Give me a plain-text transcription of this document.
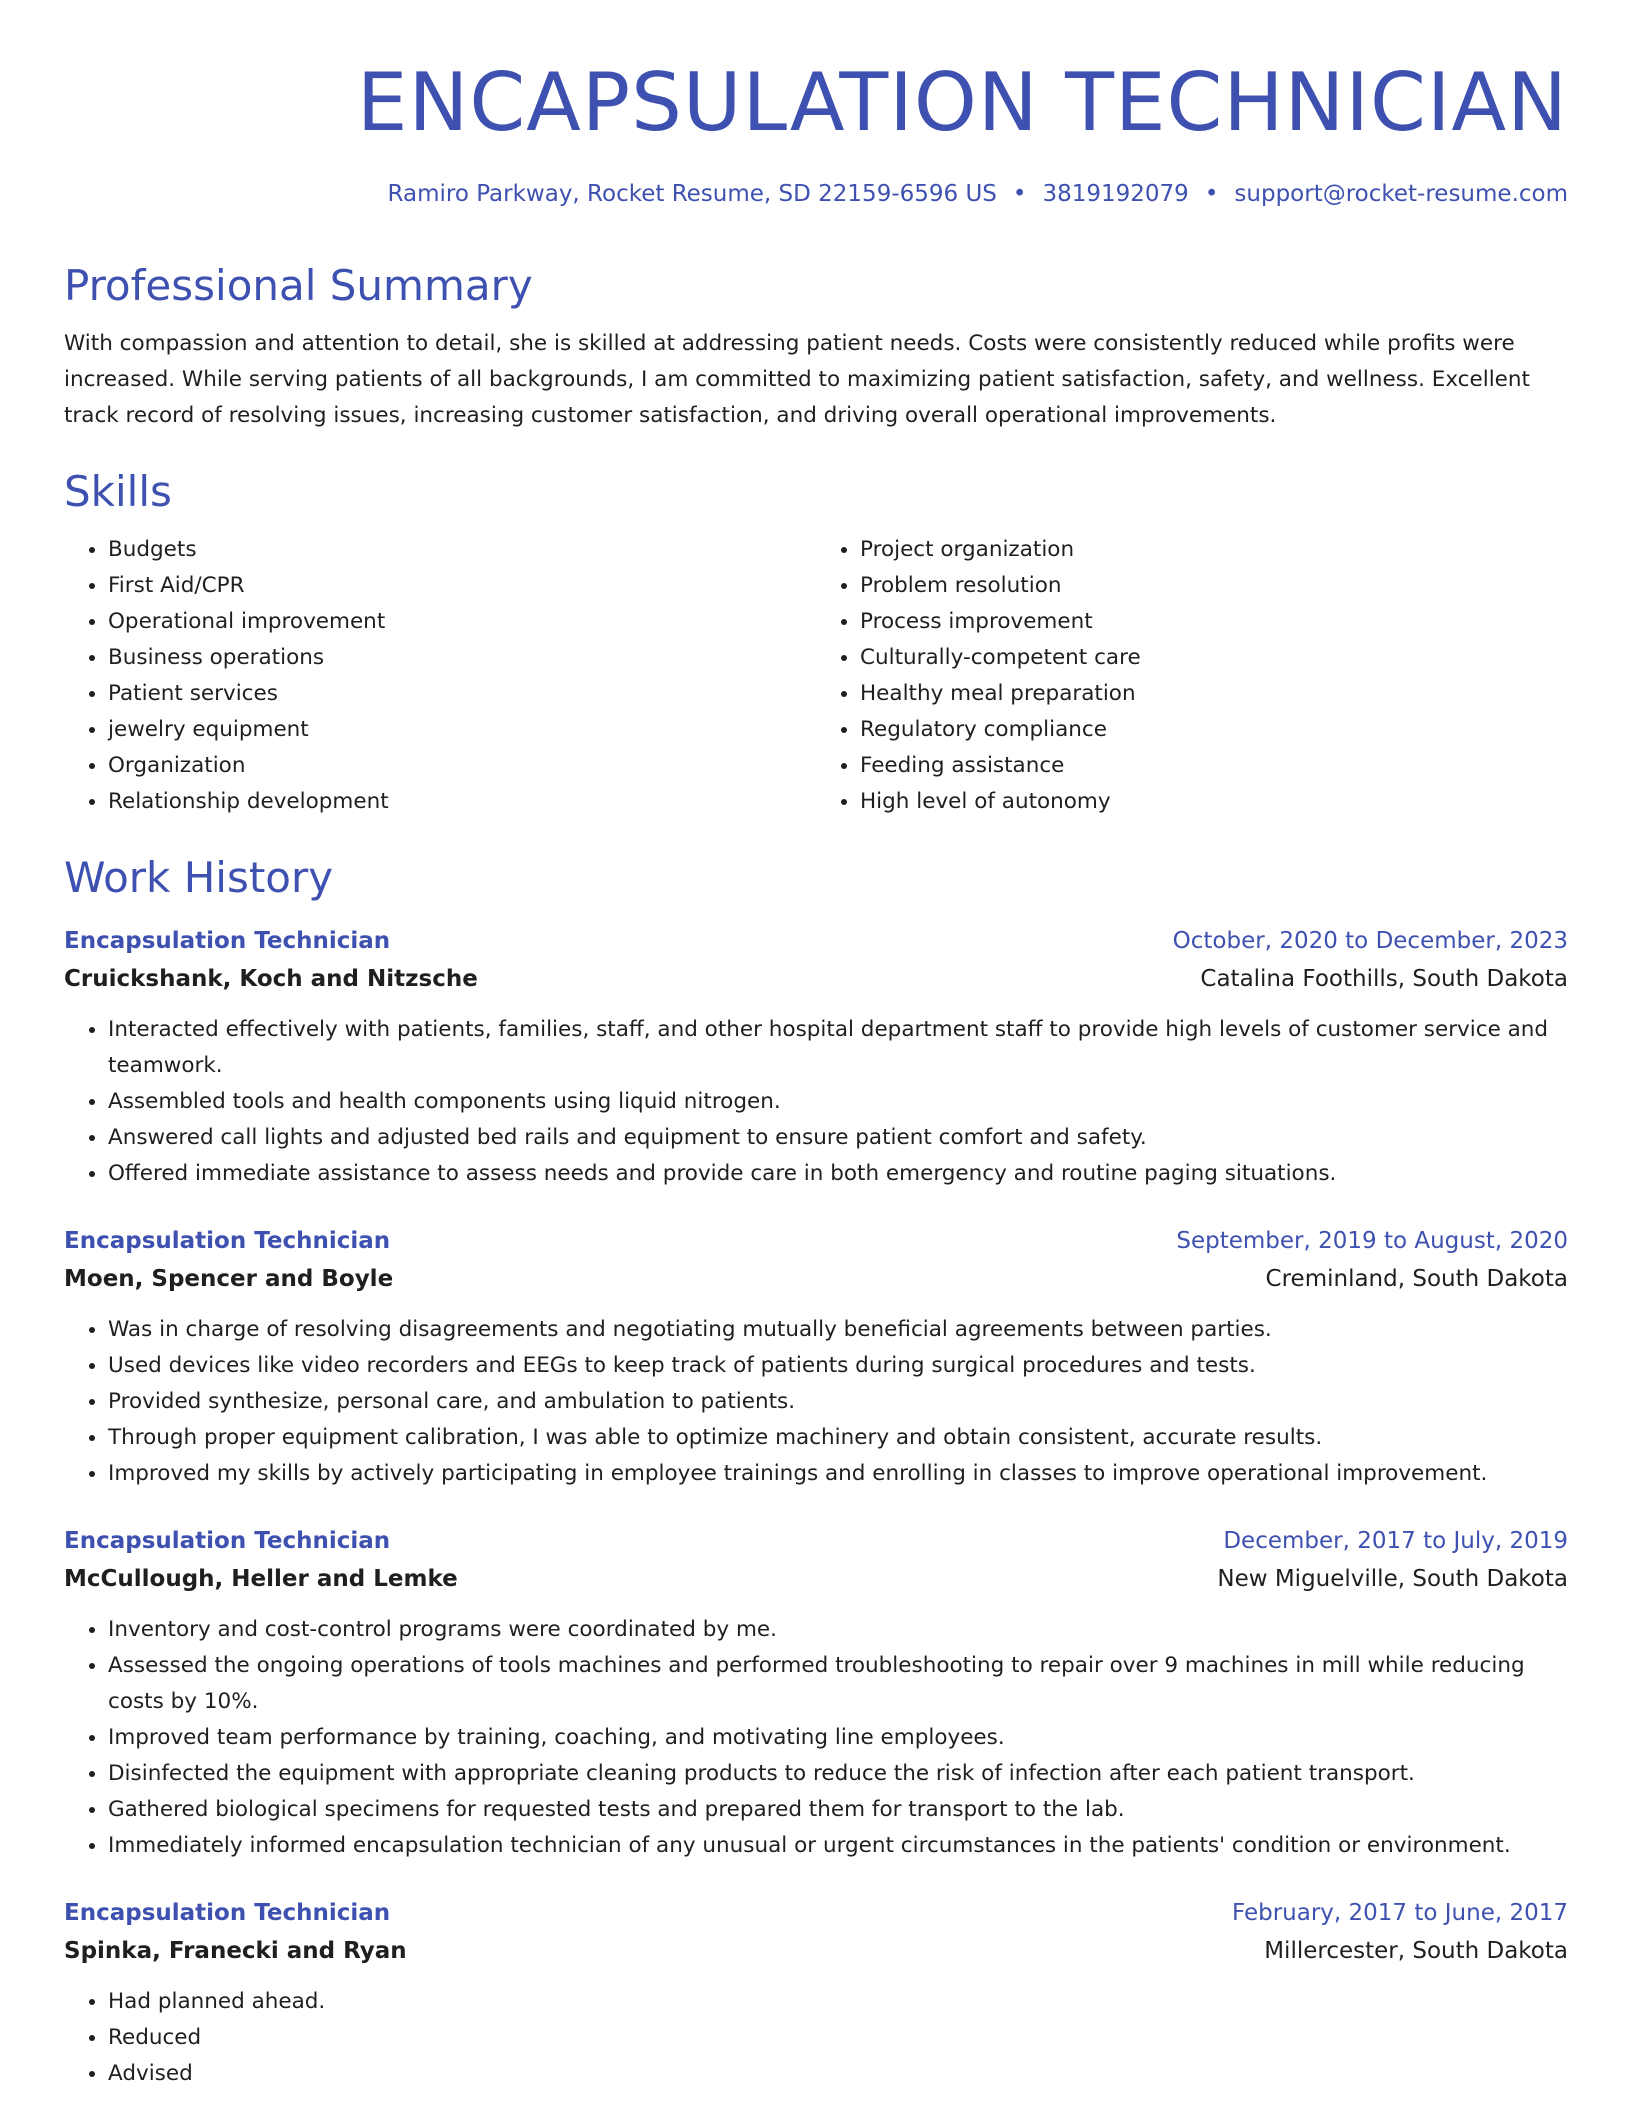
ENCAPSULATION TECHNICIAN
Ramiro Parkway, Rocket Resume, SD 22159-6596 US • 3819192079 • support@rocket-resume.com
Professional Summary
With compassion and attention to detail, she is skilled at addressing patient needs. Costs were consistently reduced while profits were increased. While serving patients of all backgrounds, I am committed to maximizing patient satisfaction, safety, and wellness. Excellent track record of resolving issues, increasing customer satisfaction, and driving overall operational improvements.
Skills
• Budgets
• First Aid/CPR
• Operational improvement
• Business operations
• Patient services
• jewelry equipment
• Organization
• Relationship development
• Project organization
• Problem resolution
• Process improvement
• Culturally-competent care
• Healthy meal preparation
• Regulatory compliance
• Feeding assistance
• High level of autonomy
Work History
Encapsulation Technician	October, 2020 to December, 2023
Cruickshank, Koch and Nitzsche	Catalina Foothills, South Dakota
• Interacted effectively with patients, families, staff, and other hospital department staff to provide high levels of customer service and teamwork.
• Assembled tools and health components using liquid nitrogen.
• Answered call lights and adjusted bed rails and equipment to ensure patient comfort and safety.
• Offered immediate assistance to assess needs and provide care in both emergency and routine paging situations.
Encapsulation Technician	September, 2019 to August, 2020
Moen, Spencer and Boyle	Creminland, South Dakota
• Was in charge of resolving disagreements and negotiating mutually beneficial agreements between parties.
• Used devices like video recorders and EEGs to keep track of patients during surgical procedures and tests.
• Provided synthesize, personal care, and ambulation to patients.
• Through proper equipment calibration, I was able to optimize machinery and obtain consistent, accurate results.
• Improved my skills by actively participating in employee trainings and enrolling in classes to improve operational improvement.
Encapsulation Technician	December, 2017 to July, 2019
McCullough, Heller and Lemke	New Miguelville, South Dakota
• Inventory and cost-control programs were coordinated by me.
• Assessed the ongoing operations of tools machines and performed troubleshooting to repair over 9 machines in mill while reducing costs by 10%.
• Improved team performance by training, coaching, and motivating line employees.
• Disinfected the equipment with appropriate cleaning products to reduce the risk of infection after each patient transport.
• Gathered biological specimens for requested tests and prepared them for transport to the lab.
• Immediately informed encapsulation technician of any unusual or urgent circumstances in the patients' condition or environment.
Encapsulation Technician	February, 2017 to June, 2017
Spinka, Franecki and Ryan	Millercester, South Dakota
• Had planned ahead.
• Reduced
• Advised
